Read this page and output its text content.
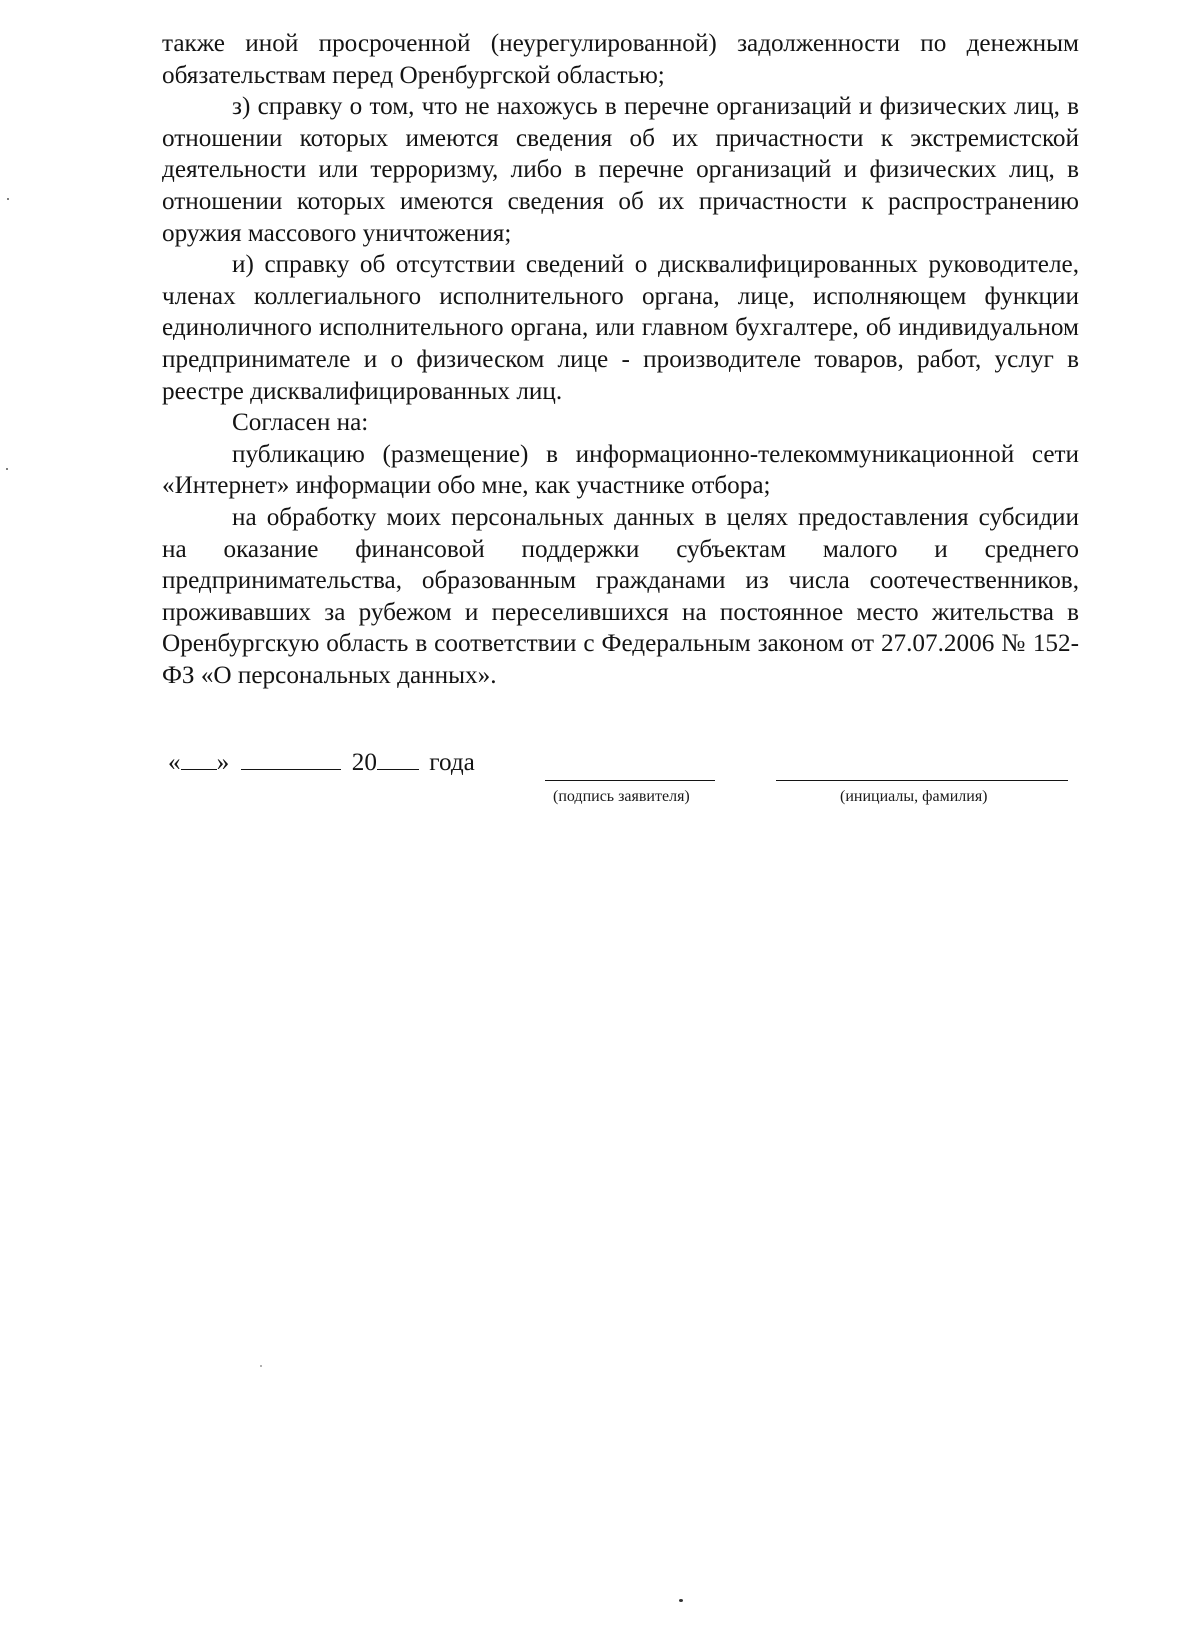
также иной просроченной (неурегулированной) задолженности по денежным обязательствам перед Оренбургской областью;

з) справку о том, что не нахожусь в перечне организаций и физических лиц, в отношении которых имеются сведения об их причастности к экстремистской деятельности или терроризму, либо в перечне организаций и физических лиц, в отношении которых имеются сведения об их причастности к распространению оружия массового уничтожения;

и) справку об отсутствии сведений о дисквалифицированных руководителе, членах коллегиального исполнительного органа, лице, исполняющем функции единоличного исполнительного органа, или главном бухгалтере, об индивидуальном предпринимателе и о физическом лице - производителе товаров, работ, услуг в реестре дисквалифицированных лиц.

Согласен на:

публикацию (размещение) в информационно-телекоммуникационной сети «Интернет» информации обо мне, как участнике отбора;

на обработку моих персональных данных в целях предоставления субсидии на оказание финансовой поддержки субъектам малого и среднего предпринимательства, образованным гражданами из числа соотечественников, проживавших за рубежом и переселившихся на постоянное место жительства в Оренбургскую область в соответствии с Федеральным законом от 27.07.2006 № 152-ФЗ «О персональных данных».

« »	20 года
(подпись заявителя)	(инициалы, фамилия)
